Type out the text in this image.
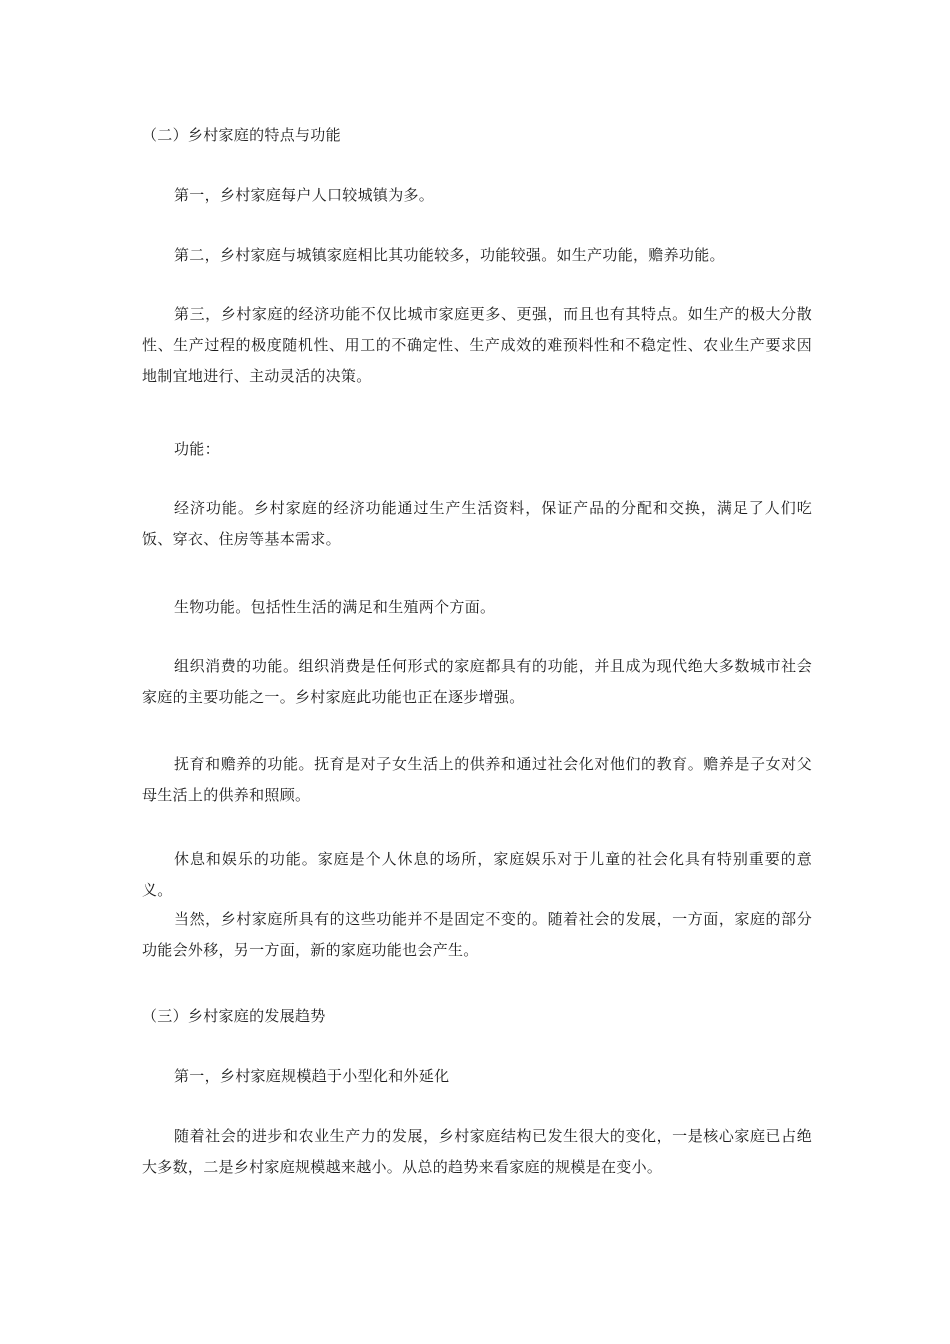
（二）乡村家庭的特点与功能

第一，乡村家庭每户人口较城镇为多。

第二，乡村家庭与城镇家庭相比其功能较多，功能较强。如生产功能，赡养功能。

第三，乡村家庭的经济功能不仅比城市家庭更多、更强，而且也有其特点。如生产的极大分散性、生产过程的极度随机性、用工的不确定性、生产成效的难预料性和不稳定性、农业生产要求因地制宜地进行、主动灵活的决策。

功能：

经济功能。乡村家庭的经济功能通过生产生活资料，保证产品的分配和交换，满足了人们吃饭、穿衣、住房等基本需求。

生物功能。包括性生活的满足和生殖两个方面。

组织消费的功能。组织消费是任何形式的家庭都具有的功能，并且成为现代绝大多数城市社会家庭的主要功能之一。乡村家庭此功能也正在逐步增强。

抚育和赡养的功能。抚育是对子女生活上的供养和通过社会化对他们的教育。赡养是子女对父母生活上的供养和照顾。

休息和娱乐的功能。家庭是个人休息的场所，家庭娱乐对于儿童的社会化具有特别重要的意义。

当然，乡村家庭所具有的这些功能并不是固定不变的。随着社会的发展，一方面，家庭的部分功能会外移，另一方面，新的家庭功能也会产生。

（三）乡村家庭的发展趋势

第一，乡村家庭规模趋于小型化和外延化

随着社会的进步和农业生产力的发展，乡村家庭结构已发生很大的变化，一是核心家庭已占绝大多数，二是乡村家庭规模越来越小。从总的趋势来看家庭的规模是在变小。
